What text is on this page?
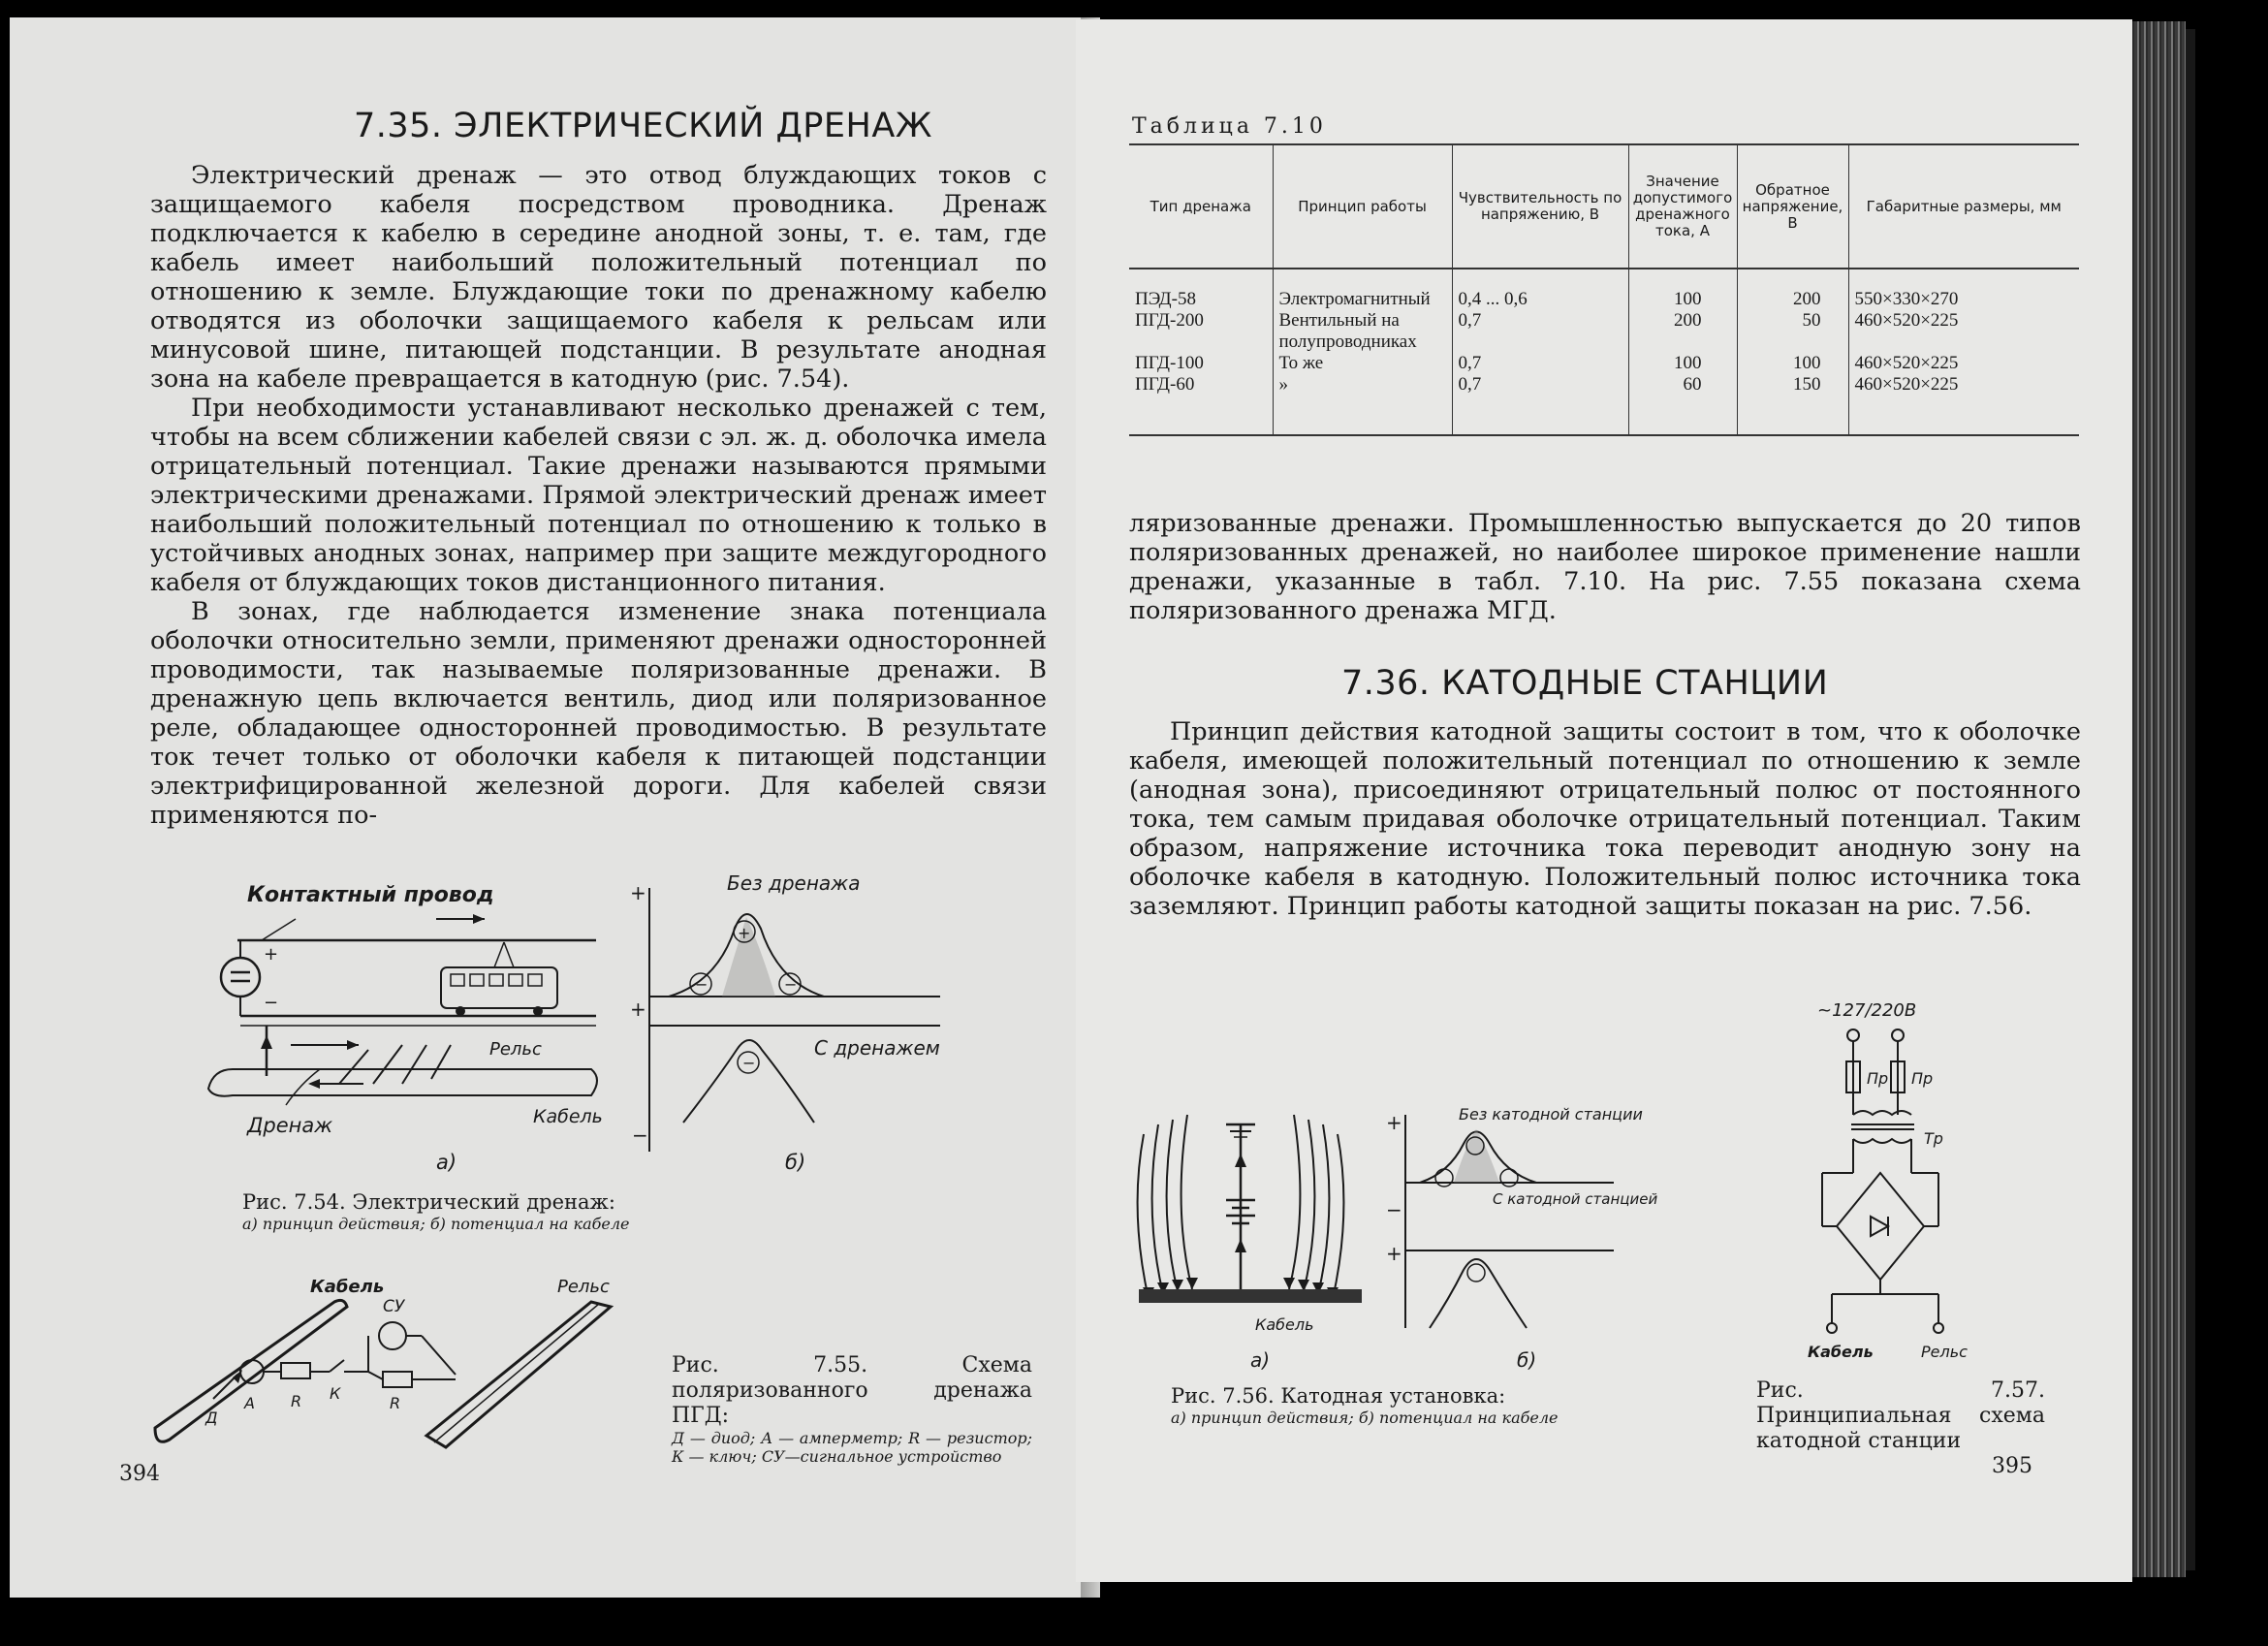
7.35. ЭЛЕКТРИЧЕСКИЙ ДРЕНАЖ

Электрический дренаж — это отвод блуждающих токов с защищаемого кабеля посредством проводника. Дренаж подключается к кабелю в середине анодной зоны, т. е. там, где кабель имеет наибольший положительный потенциал по отношению к земле. Блуждающие токи по дренажному кабелю отводятся из оболочки защищаемого кабеля к рельсам или минусовой шине, питающей подстанции. В результате анодная зона на кабеле превращается в катодную (рис. 7.54).

При необходимости устанавливают несколько дренажей с тем, чтобы на всем сближении кабелей связи с эл. ж. д. оболочка имела отрицательный потенциал. Такие дренажи называются прямыми электрическими дренажами. Прямой электрический дренаж имеет наибольший положительный потенциал по отношению к только в устойчивых анодных зонах, например при защите междугородного кабеля от блуждающих токов дистанционного питания.

В зонах, где наблюдается изменение знака потенциала оболочки относительно земли, применяют дренажи односторонней проводимости, так называемые поляризованные дренажи. В дренажную цепь включается вентиль, диод или поляризованное реле, обладающее односторонней проводимостью. В результате ток течет только от оболочки кабеля к питающей подстанции электрифицированной железной дороги. Для кабелей связи применяются по-

Контактный провод
+
−
Рельс
Дренаж	Кабель
а)
+
+
−
Без дренажа
+
−	−
С дренажем
−
б)
Рис. 7.54. Электрический дренаж:
а) принцип действия; б) потенциал на кабеле
Кабель	Рельс
СУ
Д
А R К
R
Рис. 7.55. Схема поляризованного дренажа ПГД:
Д — диод; А — амперметр; R — резистор; К — ключ; СУ—сигнальное устройство
394
Таблица 7.10
Тип дренажа	Принцип работы	Чувствительность по напряжению, В	Значение допустимого дренажного тока, А	Обратное напряжение, В	Габаритные размеры, мм
ПЭД-58	Электромагнитный	0,4 ... 0,6	100	200	550×330×270
ПГД-200	Вентильный на полупроводниках	0,7	200	50	460×520×225
ПГД-100	То же	0,7	100	100	460×520×225
ПГД-60	»	0,7	60	150	460×520×225

ляризованные дренажи. Промышленностью выпускается до 20 типов поляризованных дренажей, но наиболее широкое применение нашли дренажи, указанные в табл. 7.10. На рис. 7.55 показана схема поляризованного дренажа МГД.

7.36. КАТОДНЫЕ СТАНЦИИ

Принцип действия катодной защиты состоит в том, что к оболочке кабеля, имеющей положительный потенциал по отношению к земле (анодная зона), присоединяют отрицательный полюс от постоянного тока, тем самым придавая оболочке отрицательный потенциал. Таким образом, напряжение источника тока переводит анодную зону на оболочке кабеля в катодную. Положительный полюс источника тока заземляют. Принцип работы катодной защиты показан на рис. 7.56.

Кабель
а)
+
−
+
Без катодной станции
С катодной станцией
б)
Рис. 7.56. Катодная установка:
а) принцип действия; б) потенциал на кабеле
~127/220В
Пр Пр
Тр
Кабель	Рельс
Рис. 7.57. Принципиальная схема катодной станции
395
